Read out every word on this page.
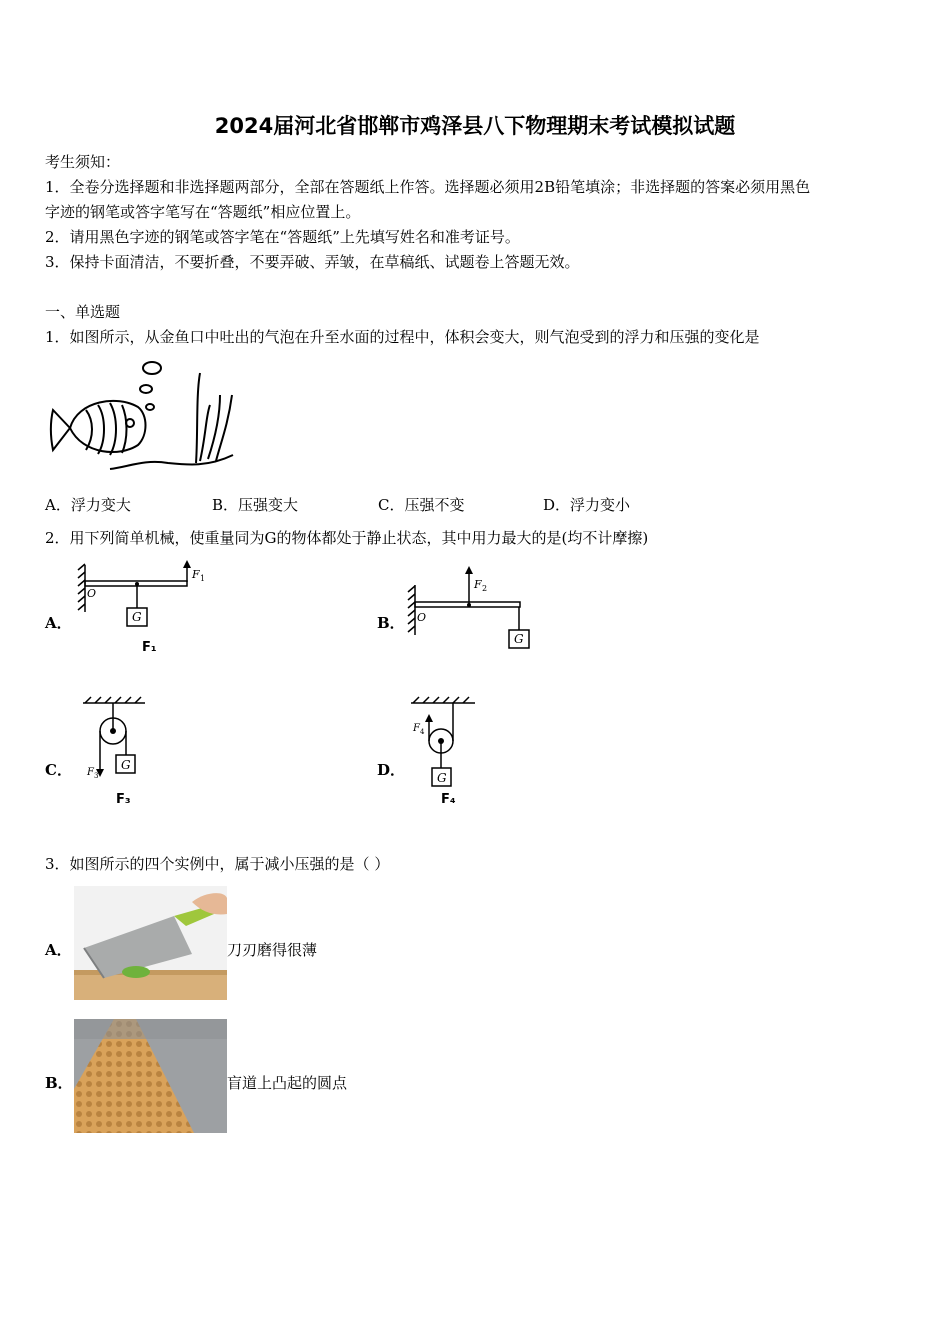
2024届河北省邯郸市鸡泽县八下物理期末考试模拟试题
考生须知：
1．全卷分选择题和非选择题两部分，全部在答题纸上作答。选择题必须用2B铅笔填涂；非选择题的答案必须用黑色
字迹的钢笔或答字笔写在“答题纸”相应位置上。
2．请用黑色字迹的钢笔或答字笔在“答题纸”上先填写姓名和准考证号。
3．保持卡面清洁，不要折叠，不要弄破、弄皱，在草稿纸、试题卷上答题无效。
一、单选题
1．如图所示，从金鱼口中吐出的气泡在升至水面的过程中，体积会变大，则气泡受到的浮力和压强的变化是
A．浮力变大	B．压强变大	C．压强不变	D．浮力变小
2．用下列简单机械，使重量同为G的物体都处于静止状态，其中用力最大的是(均不计摩擦)
A．
O
F 1
G
F₁
B． O
F 2
G
C．	G
F 3
F₃
D．
F 4
G
F₄
3．如图所示的四个实例中，属于减小压强的是（ ）
A．	刀刃磨得很薄
B．	盲道上凸起的圆点
